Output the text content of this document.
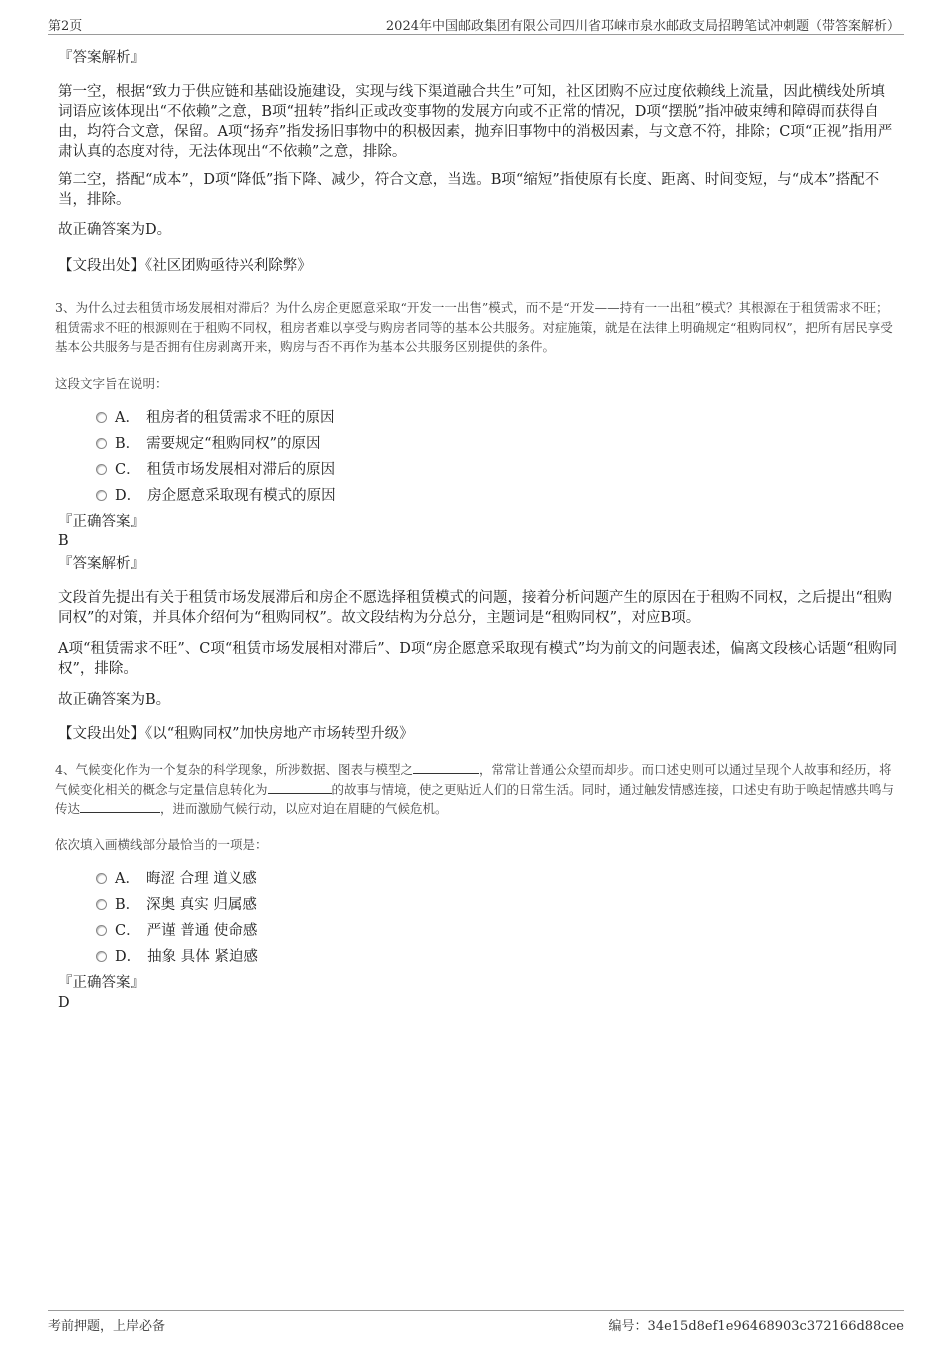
第2页	2024年中国邮政集团有限公司四川省邛崃市泉水邮政支局招聘笔试冲刺题（带答案解析）
『答案解析』
第一空，根据“致力于供应链和基础设施建设，实现与线下渠道融合共生”可知，社区团购不应过度依赖线上流量，因此横线处所填词语应该体现出“不依赖”之意，B项“扭转”指纠正或改变事物的发展方向或不正常的情况，D项“摆脱”指冲破束缚和障碍而获得自由，均符合文意，保留。A项“扬弃”指发扬旧事物中的积极因素，抛弃旧事物中的消极因素，与文意不符，排除；C项“正视”指用严肃认真的态度对待，无法体现出“不依赖”之意，排除。
第二空，搭配“成本”，D项“降低”指下降、减少，符合文意，当选。B项“缩短”指使原有长度、距离、时间变短，与“成本”搭配不当，排除。
故正确答案为D。
【文段出处】《社区团购亟待兴利除弊》
3、为什么过去租赁市场发展相对滞后？为什么房企更愿意采取“开发一一出售”模式，而不是“开发——持有一一出租”模式？其根源在于租赁需求不旺；租赁需求不旺的根源则在于租购不同权，租房者难以享受与购房者同等的基本公共服务。对症施策，就是在法律上明确规定“租购同权”，把所有居民享受基本公共服务与是否拥有住房剥离开来，购房与否不再作为基本公共服务区别提供的条件。
这段文字旨在说明：
A． 租房者的租赁需求不旺的原因
B． 需要规定“租购同权”的原因
C． 租赁市场发展相对滞后的原因
D． 房企愿意采取现有模式的原因
『正确答案』
B
『答案解析』
文段首先提出有关于租赁市场发展滞后和房企不愿选择租赁模式的问题，接着分析问题产生的原因在于租购不同权，之后提出“租购同权”的对策，并具体介绍何为“租购同权”。故文段结构为分总分，主题词是“租购同权”，对应B项。
A项“租赁需求不旺”、C项“租赁市场发展相对滞后”、D项“房企愿意采取现有模式”均为前文的问题表述，偏离文段核心话题“租购同权”，排除。
故正确答案为B。
【文段出处】《以“租购同权”加快房地产市场转型升级》
4、气候变化作为一个复杂的科学现象，所涉数据、图表与模型之	，常常让普通公众望而却步。而口述史则可以通过呈现个人故事和经历，将气候变化相关的概念与定量信息转化为	的故事与情境，使之更贴近人们的日常生活。同时，通过触发情感连接，口述史有助于唤起情感共鸣与传达	，进而激励气候行动，以应对迫在眉睫的气候危机。
依次填入画横线部分最恰当的一项是：
A． 晦涩 合理 道义感
B． 深奥 真实 归属感
C． 严谨 普通 使命感
D． 抽象 具体 紧迫感
『正确答案』
D
考前押题，上岸必备	编号：34e15d8ef1e96468903c372166d88cee
